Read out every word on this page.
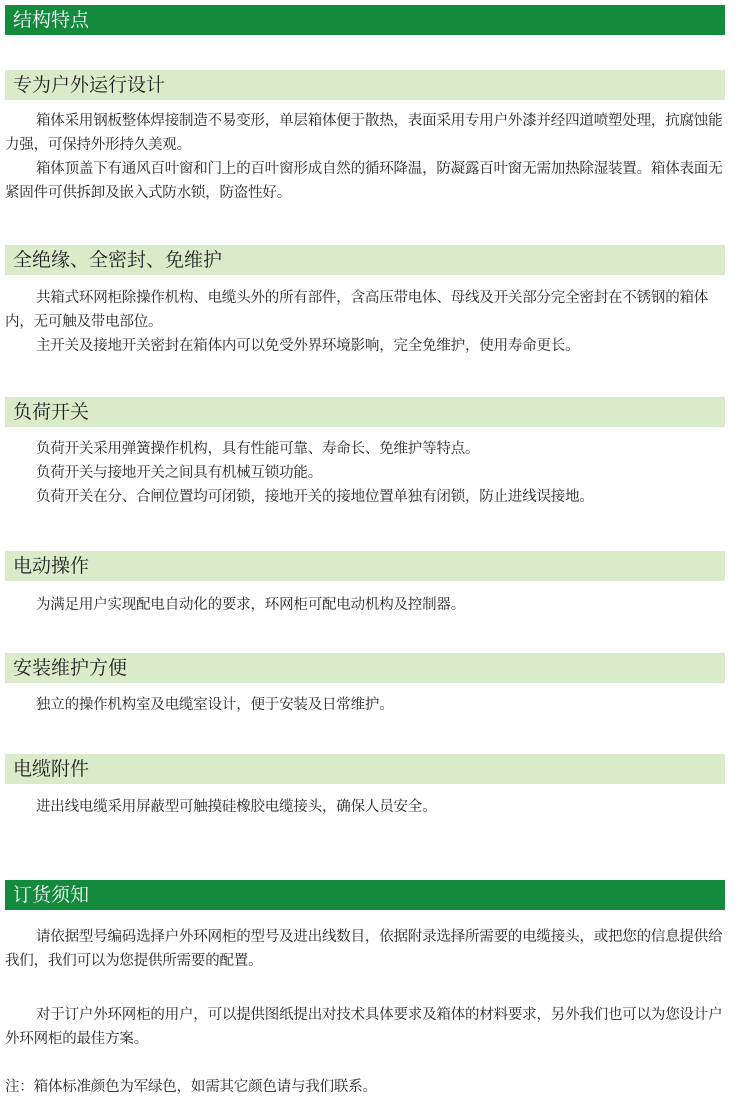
结构特点
专为户外运行设计
箱体采用钢板整体焊接制造不易变形，单层箱体便于散热，表面采用专用户外漆并经四道喷塑处理，抗腐蚀能力强，可保持外形持久美观。
箱体顶盖下有通风百叶窗和门上的百叶窗形成自然的循环降温，防凝露百叶窗无需加热除湿装置。箱体表面无紧固件可供拆卸及嵌入式防水锁，防盗性好。
全绝缘、全密封、免维护
共箱式环网柜除操作机构、电缆头外的所有部件，含高压带电体、母线及开关部分完全密封在不锈钢的箱体内，无可触及带电部位。
主开关及接地开关密封在箱体内可以免受外界环境影响，完全免维护，使用寿命更长。
负荷开关
负荷开关采用弹簧操作机构，具有性能可靠、寿命长、免维护等特点。
负荷开关与接地开关之间具有机械互锁功能。
负荷开关在分、合闸位置均可闭锁，接地开关的接地位置单独有闭锁，防止进线误接地。
电动操作
为满足用户实现配电自动化的要求，环网柜可配电动机构及控制器。
安装维护方便
独立的操作机构室及电缆室设计，便于安装及日常维护。
电缆附件
进出线电缆采用屏蔽型可触摸硅橡胶电缆接头，确保人员安全。
订货须知
请依据型号编码选择户外环网柜的型号及进出线数目，依据附录选择所需要的电缆接头，或把您的信息提供给我们，我们可以为您提供所需要的配置。
对于订户外环网柜的用户，可以提供图纸提出对技术具体要求及箱体的材料要求，另外我们也可以为您设计户外环网柜的最佳方案。
注：箱体标准颜色为军绿色，如需其它颜色请与我们联系。
